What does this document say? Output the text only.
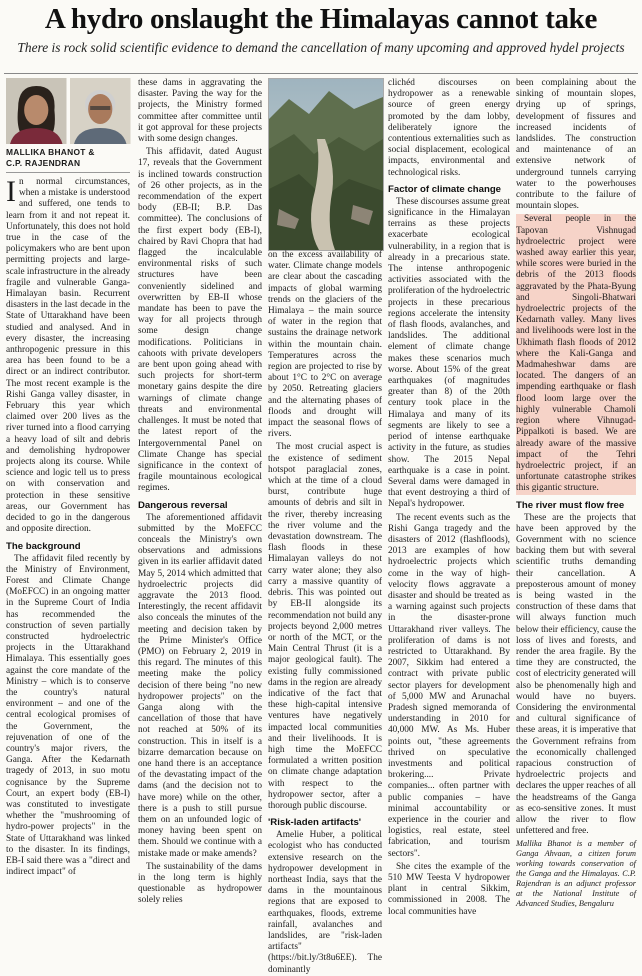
A hydro onslaught the Himalayas cannot take
There is rock solid scientific evidence to demand the cancellation of many upcoming and approved hydel projects
MALLIKA BHANOT &
C.P. RAJENDRAN

In normal circumstances, when a mistake is understood and suffered, one tends to learn from it and not repeat it. Unfortunately, this does not hold true in the case of the policymakers who are bent upon permitting projects and large-scale infrastructure in the already fragile and vulnerable Ganga-Himalayan basin. Recurrent disasters in the last decade in the State of Uttarakhand have been studied and analysed. And in every disaster, the increasing anthropogenic pressure in this area has been found to be a direct or an indirect contributor. The most recent example is the Rishi Ganga valley disaster, in February this year which claimed over 200 lives as the river turned into a flood carrying a heavy load of silt and debris and demolishing hydropower projects along its course. While science and logic tell us to press on with conservation and protection in these sensitive areas, our Government has decided to go in the dangerous and opposite direction.

The background

The affidavit filed recently by the Ministry of Environment, Forest and Climate Change (MoEFCC) in an ongoing matter in the Supreme Court of India has recommended the construction of seven partially constructed hydroelectric projects in the Uttarakhand Himalaya. This essentially goes against the core mandate of the Ministry – which is to conserve the country's natural environment – and one of the central ecological promises of the Government, the rejuvenation of one of the country's major rivers, the Ganga. After the Kedarnath tragedy of 2013, in suo motu cognisance by the Supreme Court, an expert body (EB-I) was constituted to investigate whether the "mushrooming of hydro-power projects" in the State of Uttarakhand was linked to the disaster. In its findings, EB-I said there was a "direct and indirect impact" of

these dams in aggravating the disaster. Paving the way for the projects, the Ministry formed committee after committee until it got approval for these projects with some design changes.

This affidavit, dated August 17, reveals that the Government is inclined towards construction of 26 other projects, as in the recommendation of the expert body (EB-II; B.P. Das committee). The conclusions of the first expert body (EB-I), chaired by Ravi Chopra that had flagged the incalculable environmental risks of such structures have been conveniently sidelined and overwritten by EB-II whose mandate has been to pave the way for all projects through some design change modifications. Politicians in cahoots with private developers are bent upon going ahead with such projects for short-term monetary gains despite the dire warnings of climate change threats and environmental challenges. It must be noted that the latest report of the Intergovernmental Panel on Climate Change has special significance in the context of fragile mountainous ecological regimes.

Dangerous reversal

The aforementioned affidavit submitted by the MoEFCC conceals the Ministry's own observations and admissions given in its earlier affidavit dated May 5, 2014 which admitted that hydroelectric projects did aggravate the 2013 flood. Interestingly, the recent affidavit also conceals the minutes of the meeting and decision taken by the Prime Minister's Office (PMO) on February 2, 2019 in this regard. The minutes of this meeting make the policy decision of there being "no new hydropower projects" on the Ganga along with the cancellation of those that have not reached at 50% of its construction. This in itself is a bizarre demarcation because on one hand there is an acceptance of the devastating impact of the dams (and the decision not to have more) while on the other, there is a push to still pursue them on an unfounded logic of money having been spent on them. Should we continue with a mistake made or make amends?

The sustainability of the dams in the long term is highly questionable as hydropower solely relies

on the excess availability of water. Climate change models are clear about the cascading impacts of global warming trends on the glaciers of the Himalaya – the main source of water in the region that sustains the drainage network within the mountain chain. Temperatures across the region are projected to rise by about 1°C to 2°C on average by 2050. Retreating glaciers and the alternating phases of floods and drought will impact the seasonal flows of rivers.

The most crucial aspect is the existence of sediment hotspot paraglacial zones, which at the time of a cloud burst, contribute huge amounts of debris and silt in the river, thereby increasing the river volume and the devastation downstream. The flash floods in these Himalayan valleys do not carry water alone; they also carry a massive quantity of debris. This was pointed out by EB-II alongside its recommendation not build any projects beyond 2,000 metres or north of the MCT, or the Main Central Thrust (it is a major geological fault). The existing fully commissioned dams in the region are already indicative of the fact that these high-capital intensive ventures have negatively impacted local communities and their livelihoods. It is high time the MoEFCC formulated a written position on climate change adaptation with respect to the hydropower sector, after a thorough public discourse.

'Risk-laden artifacts'

Amelie Huber, a political ecologist who has conducted extensive research on the hydropower development in northeast India, says that the dams in the mountainous regions that are exposed to earthquakes, floods, extreme rainfall, avalanches and landslides, are "risk-laden artifacts" (https://bit.ly/3t8u6EE). The dominantly

clichéd discourses on hydropower as a renewable source of green energy promoted by the dam lobby, deliberately ignore the contentious externalities such as social displacement, ecological impacts, environmental and technological risks.

Factor of climate change

These discourses assume great significance in the Himalayan terrains as these projects exacerbate ecological vulnerability, in a region that is already in a precarious state. The intense anthropogenic activities associated with the proliferation of the hydroelectric projects in these precarious regions accelerate the intensity of flash floods, avalanches, and landslides. The additional element of climate change makes these scenarios much worse. About 15% of the great earthquakes (of magnitudes greater than 8) of the 20th century took place in the Himalaya and many of its segments are likely to see a period of intense earthquake activity in the future, as studies show. The 2015 Nepal earthquake is a case in point. Several dams were damaged in that event destroying a third of Nepal's hydropower.

The recent events such as the Rishi Ganga tragedy and the disasters of 2012 (flashfloods), 2013 are examples of how hydroelectric projects which come in the way of high-velocity flows aggravate a disaster and should be treated as a warning against such projects in the disaster-prone Uttarakhand river valleys. The proliferation of dams is not restricted to Uttarakhand. By 2007, Sikkim had entered a contract with private public sector players for development of 5,000 MW and Arunachal Pradesh signed memoranda of understanding in 2010 for 40,000 MW. As Ms. Huber points out, "these agreements thrived on speculative investments and political brokering.... Private companies... often partner with public companies – have minimal accountability or experience in the courier and logistics, real estate, steel fabrication, and tourism sectors".

She cites the example of the 510 MW Teesta V hydropower plant in central Sikkim, commissioned in 2008. The local communities have

been complaining about the sinking of mountain slopes, drying up of springs, development of fissures and increased incidents of landslides. The construction and maintenance of an extensive network of underground tunnels carrying water to the powerhouses contribute to the failure of mountain slopes.

Several people in the Tapovan Vishnugad hydroelectric project were washed away earlier this year, while scores were buried in the debris of the 2013 floods aggravated by the Phata-Byung and Singoli-Bhatwari hydroelectric projects of the Kedarnath valley. Many lives and livelihoods were lost in the Ukhimath flash floods of 2012 where the Kali-Ganga and Madmaheshwar dams are located. The dangers of an impending earthquake or flash flood loom large over the highly vulnerable Chamoli region where Vihnugad-Pippalkoti is based. We are already aware of the massive impact of the Tehri hydroelectric project, if an unfortunate catastrophe strikes this gigantic structure.

The river must flow free

These are the projects that have been approved by the Government with no science backing them but with several scientific truths demanding their cancellation. A preposterous amount of money is being wasted in the construction of these dams that will always function much below their efficiency, cause the loss of lives and forests, and render the area fragile. By the time they are constructed, the cost of electricity generated will also be phenomenally high and would have no buyers. Considering the environmental and cultural significance of these areas, it is imperative that the Government refrains from the economically challenged rapacious construction of hydroelectric projects and declares the upper reaches of all the headstreams of the Ganga as eco-sensitive zones. It must allow the river to flow unfettered and free.

Mallika Bhanot is a member of Ganga Ahvaan, a citizen forum working towards conservation of the Ganga and the Himalayas. C.P. Rajendran is an adjunct professor at the National Institute of Advanced Studies, Bengaluru
